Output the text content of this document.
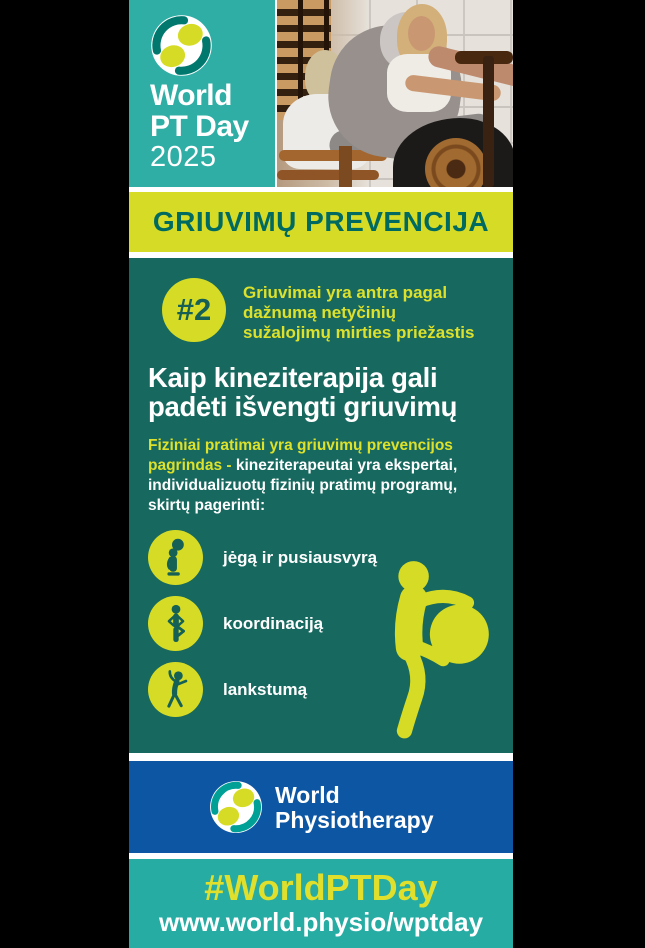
World
PT Day
2025
GRIUVIMŲ PREVENCIJA
#2	Griuvimai yra antra pagal
dažnumą netyčinių
sužalojimų mirties priežastis
Kaip kineziterapija gali
padėti išvengti griuvimų
Fiziniai pratimai yra griuvimų prevencijos
pagrindas - kineziterapeutai yra ekspertai,
individualizuotų fizinių pratimų programų,
skirtų pagerinti:
jėgą ir pusiausvyrą
koordinaciją
lankstumą
World
Physiotherapy
#WorldPTDay
www.world.physio/wptday
